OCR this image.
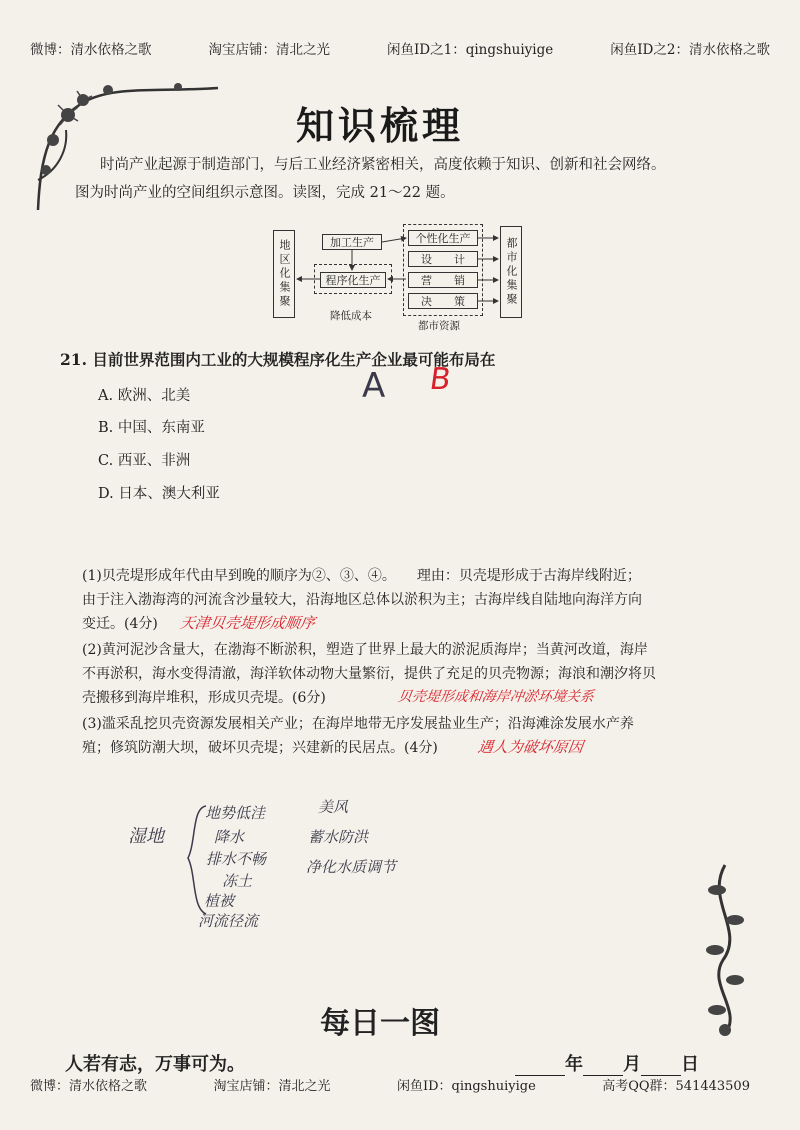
微博：清水依格之歌	淘宝店铺：清北之光	闲鱼ID之1：qingshuiyige	闲鱼ID之2：清水依格之歌
知识梳理
时尚产业起源于制造部门，与后工业经济紧密相关，高度依赖于知识、创新和社会网络。
图为时尚产业的空间组织示意图。读图，完成 21～22 题。
地区化集聚	加工生产
程序化生产
降低成本
个性化生产
设　　计
营　　销
决　　策
都市资源
都市化集聚
21. 目前世界范围内工业的大规模程序化生产企业最可能布局在
A. 欧洲、北美
B. 中国、东南亚
C. 西亚、非洲
D. 日本、澳大利亚
A B
(1)贝壳堤形成年代由早到晚的顺序为②、③、④。　　理由：贝壳堤形成于古海岸线附近；
由于注入渤海湾的河流含沙量较大，沿海地区总体以淤积为主；古海岸线自陆地向海洋方向
变迁。(4分)	天津贝壳堤形成顺序
(2)黄河泥沙含量大，在渤海不断淤积，塑造了世界上最大的淤泥质海岸；当黄河改道，海岸
不再淤积，海水变得清澈，海洋软体动物大量繁衍，提供了充足的贝壳物源；海浪和潮汐将贝
壳搬移到海岸堆积，形成贝壳堤。(6分)	贝壳堤形成和海岸冲淤环境关系
(3)滥采乱挖贝壳资源发展相关产业；在海岸地带无序发展盐业生产；沿海滩涂发展水产养
殖；修筑防潮大坝，破坏贝壳堤；兴建新的民居点。(4分)	遇人为破坏原因
湿地
地势低洼
降水
排水不畅
冻土
植被
河流径流
美风
蓄水防洪
净化水质调节
每日一图
人若有志，万事可为。	年 月 日
微博：清水依格之歌	淘宝店铺：清北之光	闲鱼ID：qingshuiyige	高考QQ群：541443509
